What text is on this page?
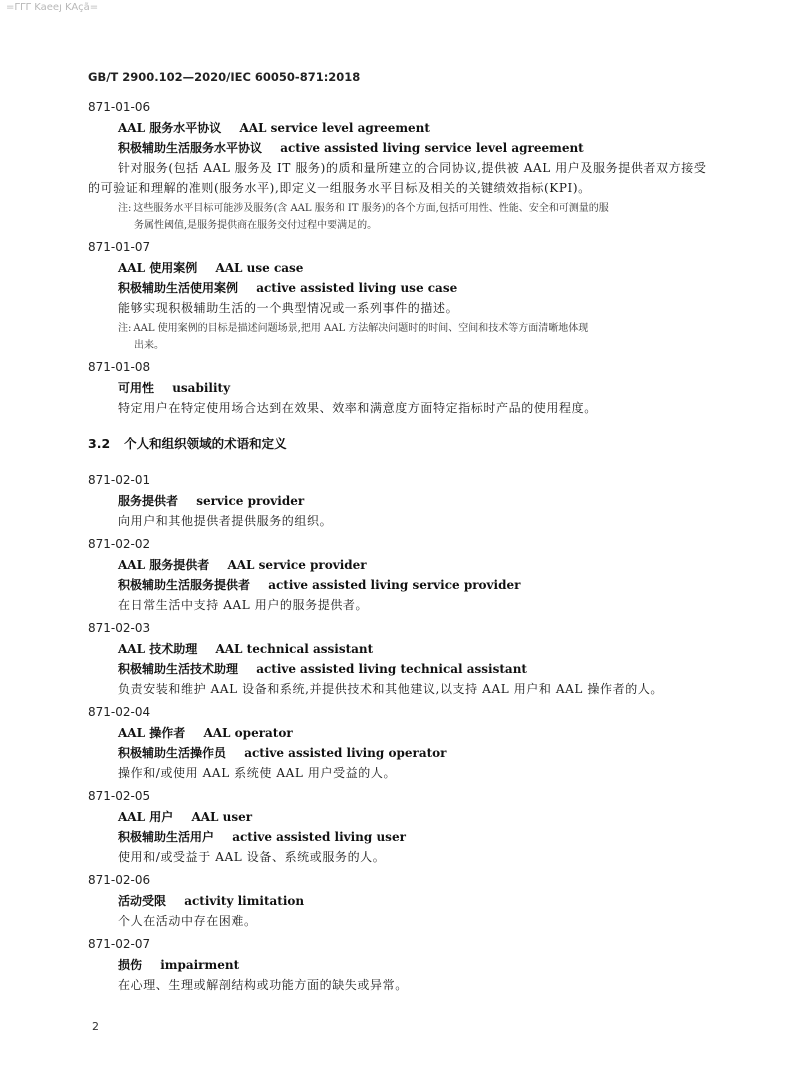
=ΓΓΓ Kaeeȷ KAçã=
GB/T 2900.102—2020/IEC 60050-871:2018
871-01-06
AAL 服务水平协议 AAL service level agreement
积极辅助生活服务水平协议 active assisted living service level agreement

针对服务(包括 AAL 服务及 IT 服务)的质和量所建立的合同协议,提供被 AAL 用户及服务提供者双方接受的可验证和理解的准则(服务水平),即定义一组服务水平目标及相关的关键绩效指标(KPI)。

注: 这些服务水平目标可能涉及服务(含 AAL 服务和 IT 服务)的各个方面,包括可用性、性能、安全和可测量的服
务属性阈值,是服务提供商在服务交付过程中要满足的。
871-01-07
AAL 使用案例 AAL use case
积极辅助生活使用案例 active assisted living use case

能够实现积极辅助生活的一个典型情况或一系列事件的描述。

注: AAL 使用案例的目标是描述问题场景,把用 AAL 方法解决问题时的时间、空间和技术等方面清晰地体现
出来。
871-01-08
可用性 usability

特定用户在特定使用场合达到在效果、效率和满意度方面特定指标时产品的使用程度。

3.2 个人和组织领域的术语和定义
871-02-01
服务提供者 service provider

向用户和其他提供者提供服务的组织。

871-02-02
AAL 服务提供者 AAL service provider
积极辅助生活服务提供者 active assisted living service provider

在日常生活中支持 AAL 用户的服务提供者。

871-02-03
AAL 技术助理 AAL technical assistant
积极辅助生活技术助理 active assisted living technical assistant

负责安装和维护 AAL 设备和系统,并提供技术和其他建议,以支持 AAL 用户和 AAL 操作者的人。

871-02-04
AAL 操作者 AAL operator
积极辅助生活操作员 active assisted living operator

操作和/或使用 AAL 系统使 AAL 用户受益的人。

871-02-05
AAL 用户 AAL user
积极辅助生活用户 active assisted living user

使用和/或受益于 AAL 设备、系统或服务的人。

871-02-06
活动受限 activity limitation

个人在活动中存在困难。

871-02-07
损伤 impairment

在心理、生理或解剖结构或功能方面的缺失或异常。

2
